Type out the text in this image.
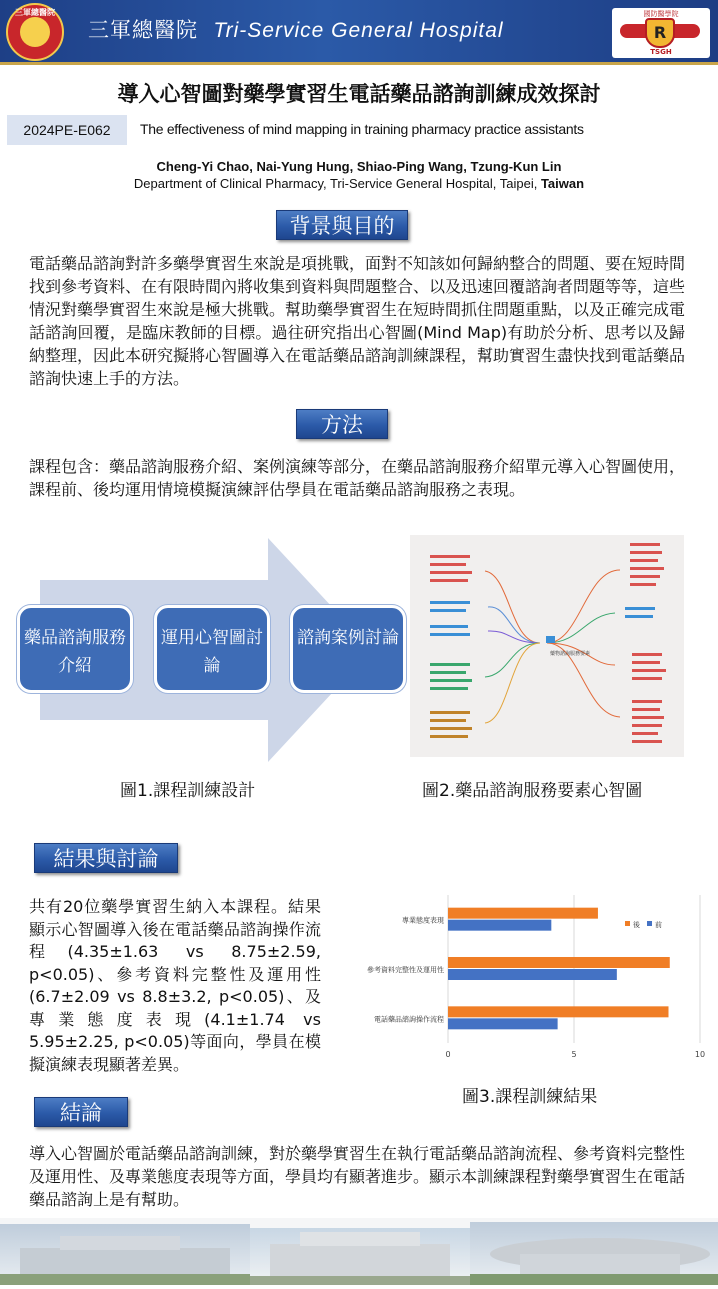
三軍總醫院
三軍總醫院 Tri-Service General Hospital
國防醫學院
R
TSGH
導入心智圖對藥學實習生電話藥品諮詢訓練成效探討
2024PE-E062	The effectiveness of mind mapping in training pharmacy practice assistants
Cheng-Yi Chao, Nai-Yung Hung, Shiao-Ping Wang, Tzung-Kun Lin
Department of Clinical Pharmacy, Tri-Service General Hospital, Taipei, Taiwan
背景與目的
電話藥品諮詢對許多藥學實習生來說是項挑戰，面對不知該如何歸納整合的問題、要在短時間找到參考資料、在有限時間內將收集到資料與問題整合、以及迅速回覆諮詢者問題等等，這些情況對藥學實習生來說是極大挑戰。幫助藥學實習生在短時間抓住問題重點，以及正確完成電話諮詢回覆，是臨床教師的目標。過往研究指出心智圖(Mind Map)有助於分析、思考以及歸納整理，因此本研究擬將心智圖導入在電話藥品諮詢訓練課程，幫助實習生盡快找到電話藥品諮詢快速上手的方法。
方法
課程包含：藥品諮詢服務介紹、案例演練等部分，在藥品諮詢服務介紹單元導入心智圖使用，課程前、後均運用情境模擬演練評估學員在電話藥品諮詢服務之表現。
藥品諮詢服務介紹
運用心智圖討論
諮詢案例討論
藥物諮詢服務要素
圖1.課程訓練設計	圖2.藥品諮詢服務要素心智圖
結果與討論
共有20位藥學實習生納入本課程。結果顯示心智圖導入後在電話藥品諮詢操作流程(4.35±1.63 vs 8.75±2.59, p<0.05)、參考資料完整性及運用性(6.7±2.09 vs 8.8±3.2, p<0.05)、及專業態度表現(4.1±1.74 vs 5.95±2.25, p<0.05)等面向，學員在模擬演練表現顯著差異。
專業態度表現
參考資料完整性及運用性
電話藥品諮詢操作流程
0	5	10
後 前
圖3.課程訓練結果
結論
導入心智圖於電話藥品諮詢訓練，對於藥學實習生在執行電話藥品諮詢流程、參考資料完整性及運用性、及專業態度表現等方面，學員均有顯著進步。顯示本訓練課程對藥學實習生在電話藥品諮詢上是有幫助。
